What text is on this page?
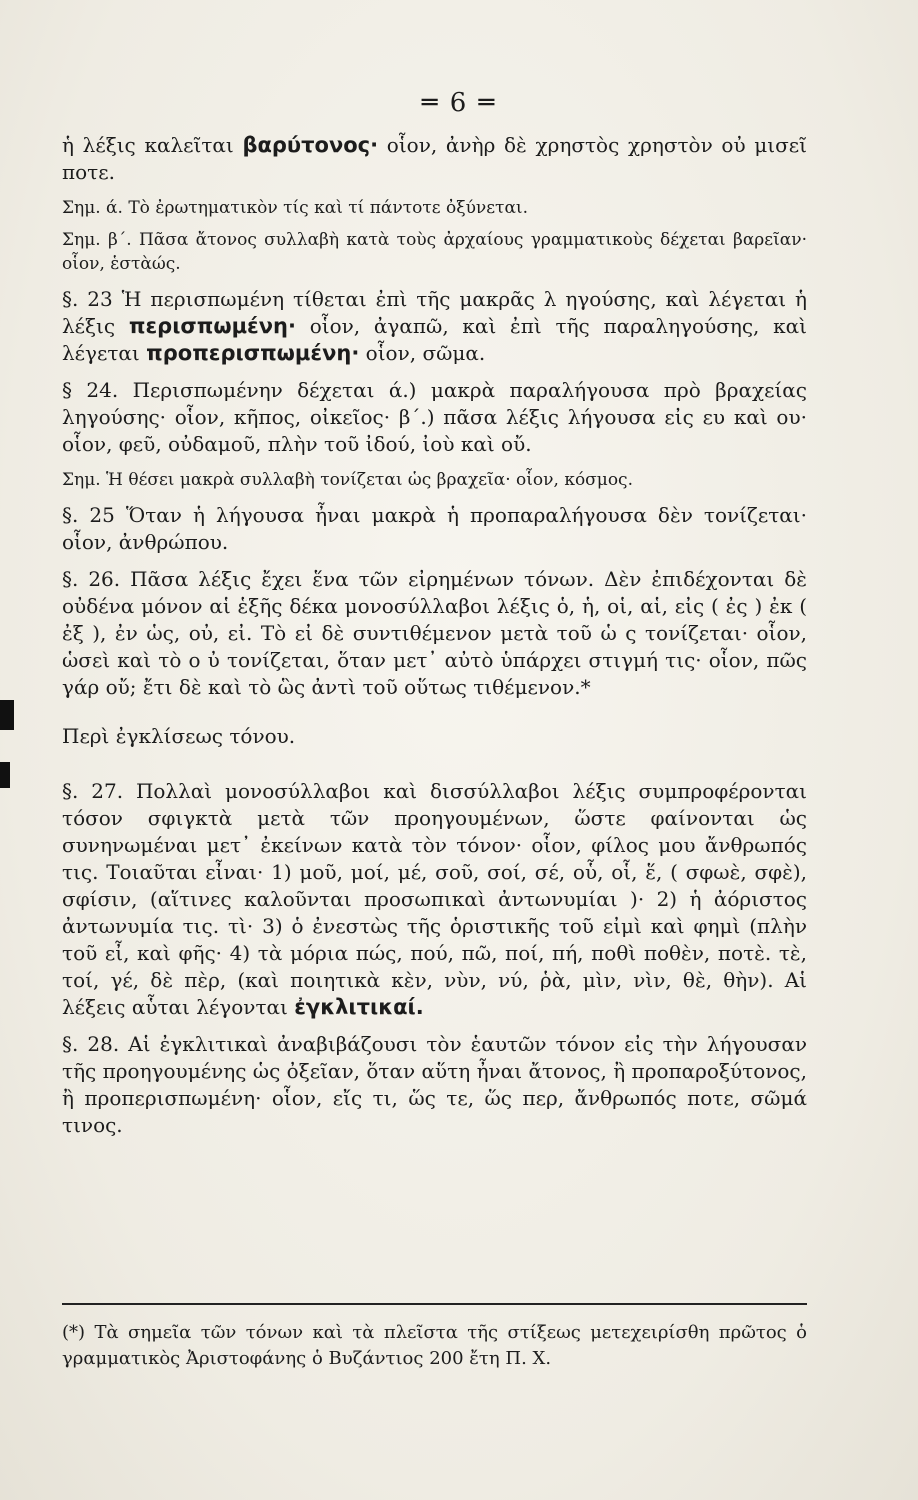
═ 6 ═

ἡ λέξις καλεῖται βαρύτονος· οἷον, ἀνὴρ δὲ χρηστὸς χρηστὸν οὐ μισεῖ ποτε.

Σημ. ά. Τὸ ἐρωτηματικὸν τίς καὶ τί πάντοτε ὀξύνεται.

Σημ. β΄. Πᾶσα ἄτονος συλλαβὴ κατὰ τοὺς ἀρχαίους γραμματικοὺς δέχεται βαρεῖαν· οἷον, ἑστὰώς.

§. 23 Ἡ περισπωμένη τίθεται ἐπὶ τῆς μακρᾶς λ ηγούσης, καὶ λέγεται ἡ λέξις περισπωμένη· οἷον, ἀγαπῶ, καὶ ἐπὶ τῆς παραληγούσης, καὶ λέγεται προπερισπωμένη· οἷον, σῶμα.

§ 24. Περισπωμένην δέχεται ά.) μακρὰ παραλήγουσα πρὸ βραχείας ληγούσης· οἷον, κῆπος, οἰκεῖος· β΄.) πᾶσα λέξις λήγουσα εἰς ευ καὶ ου· οἷον, φεῦ, οὐδαμοῦ, πλὴν τοῦ ἰδού, ἰοὺ καὶ οὔ.

Σημ. Ἡ θέσει μακρὰ συλλαβὴ τονίζεται ὡς βραχεῖα· οἷον, κόσμος.

§. 25 Ὅταν ἡ λήγουσα ἦναι μακρὰ ἡ προπαραλήγουσα δὲν τονίζεται· οἷον, ἀνθρώπου.

§. 26. Πᾶσα λέξις ἔχει ἕνα τῶν εἰρημένων τόνων. Δὲν ἐπιδέχονται δὲ οὐδένα μόνον αἱ ἑξῆς δέκα μονοσύλλαβοι λέξις ὁ, ἡ, οἱ, αἱ, εἰς ( ἐς ) ἐκ ( ἐξ ), ἐν ὡς, οὐ, εἰ. Τὸ εἰ δὲ συντιθέμενον μετὰ τοῦ ὡ ς τονίζεται· οἷον, ὡσεὶ καὶ τὸ ο ὐ τονίζεται, ὅταν μετ᾽ αὐτὸ ὑπάρχει στιγμή τις· οἷον, πῶς γάρ οὔ; ἔτι δὲ καὶ τὸ ὣς ἀντὶ τοῦ οὕτως τιθέμενον.*

Περὶ ἐγκλίσεως τόνου.

§. 27. Πολλαὶ μονοσύλλαβοι καὶ δισσύλλαβοι λέξις συμπροφέρονται τόσον σφιγκτὰ μετὰ τῶν προηγουμένων, ὥστε φαίνονται ὡς συνηνωμέναι μετ᾽ ἐκείνων κατὰ τὸν τόνον· οἷον, φίλος μου ἄνθρωπός τις. Τοιαῦται εἶναι· 1) μοῦ, μοί, μέ, σοῦ, σοί, σέ, οὗ, οἷ, ἕ, ( σφωὲ, σφὲ), σφίσιν, (αἵτινες καλοῦνται προσωπικαὶ ἀντωνυμίαι )· 2) ἡ ἀόριστος ἀντωνυμία τις. τὶ· 3) ὁ ἐνεστὼς τῆς ὁριστικῆς τοῦ εἰμὶ καὶ φημὶ (πλὴν τοῦ εἶ, καὶ φῆς· 4) τὰ μόρια πώς, πού, πῶ, ποί, πή, ποθὶ ποθὲν, ποτὲ. τὲ, τοί, γέ, δὲ πὲρ, (καὶ ποιητικὰ κὲν, νὺν, νύ, ῥὰ, μὶν, νὶν, θὲ, θὴν). Αἱ λέξεις αὗται λέγονται ἐγκλιτικαί.

§. 28. Αἱ ἐγκλιτικαὶ ἀναβιβάζουσι τὸν ἑαυτῶν τόνον εἰς τὴν λήγουσαν τῆς προηγουμένης ὡς ὀξεῖαν, ὅταν αὕτη ἦναι ἄτονος, ἢ προπαροξύτονος, ἢ προπερισπωμένη· οἷον, εἴς τι, ὥς τε, ὥς περ, ἄνθρωπός ποτε, σῶμά τινος.

(*) Τὰ σημεῖα τῶν τόνων καὶ τὰ πλεῖστα τῆς στίξεως μετεχειρίσθη πρῶτος ὁ γραμματικὸς Ἀριστοφάνης ὁ Βυζάντιος 200 ἔτη Π. Χ.
